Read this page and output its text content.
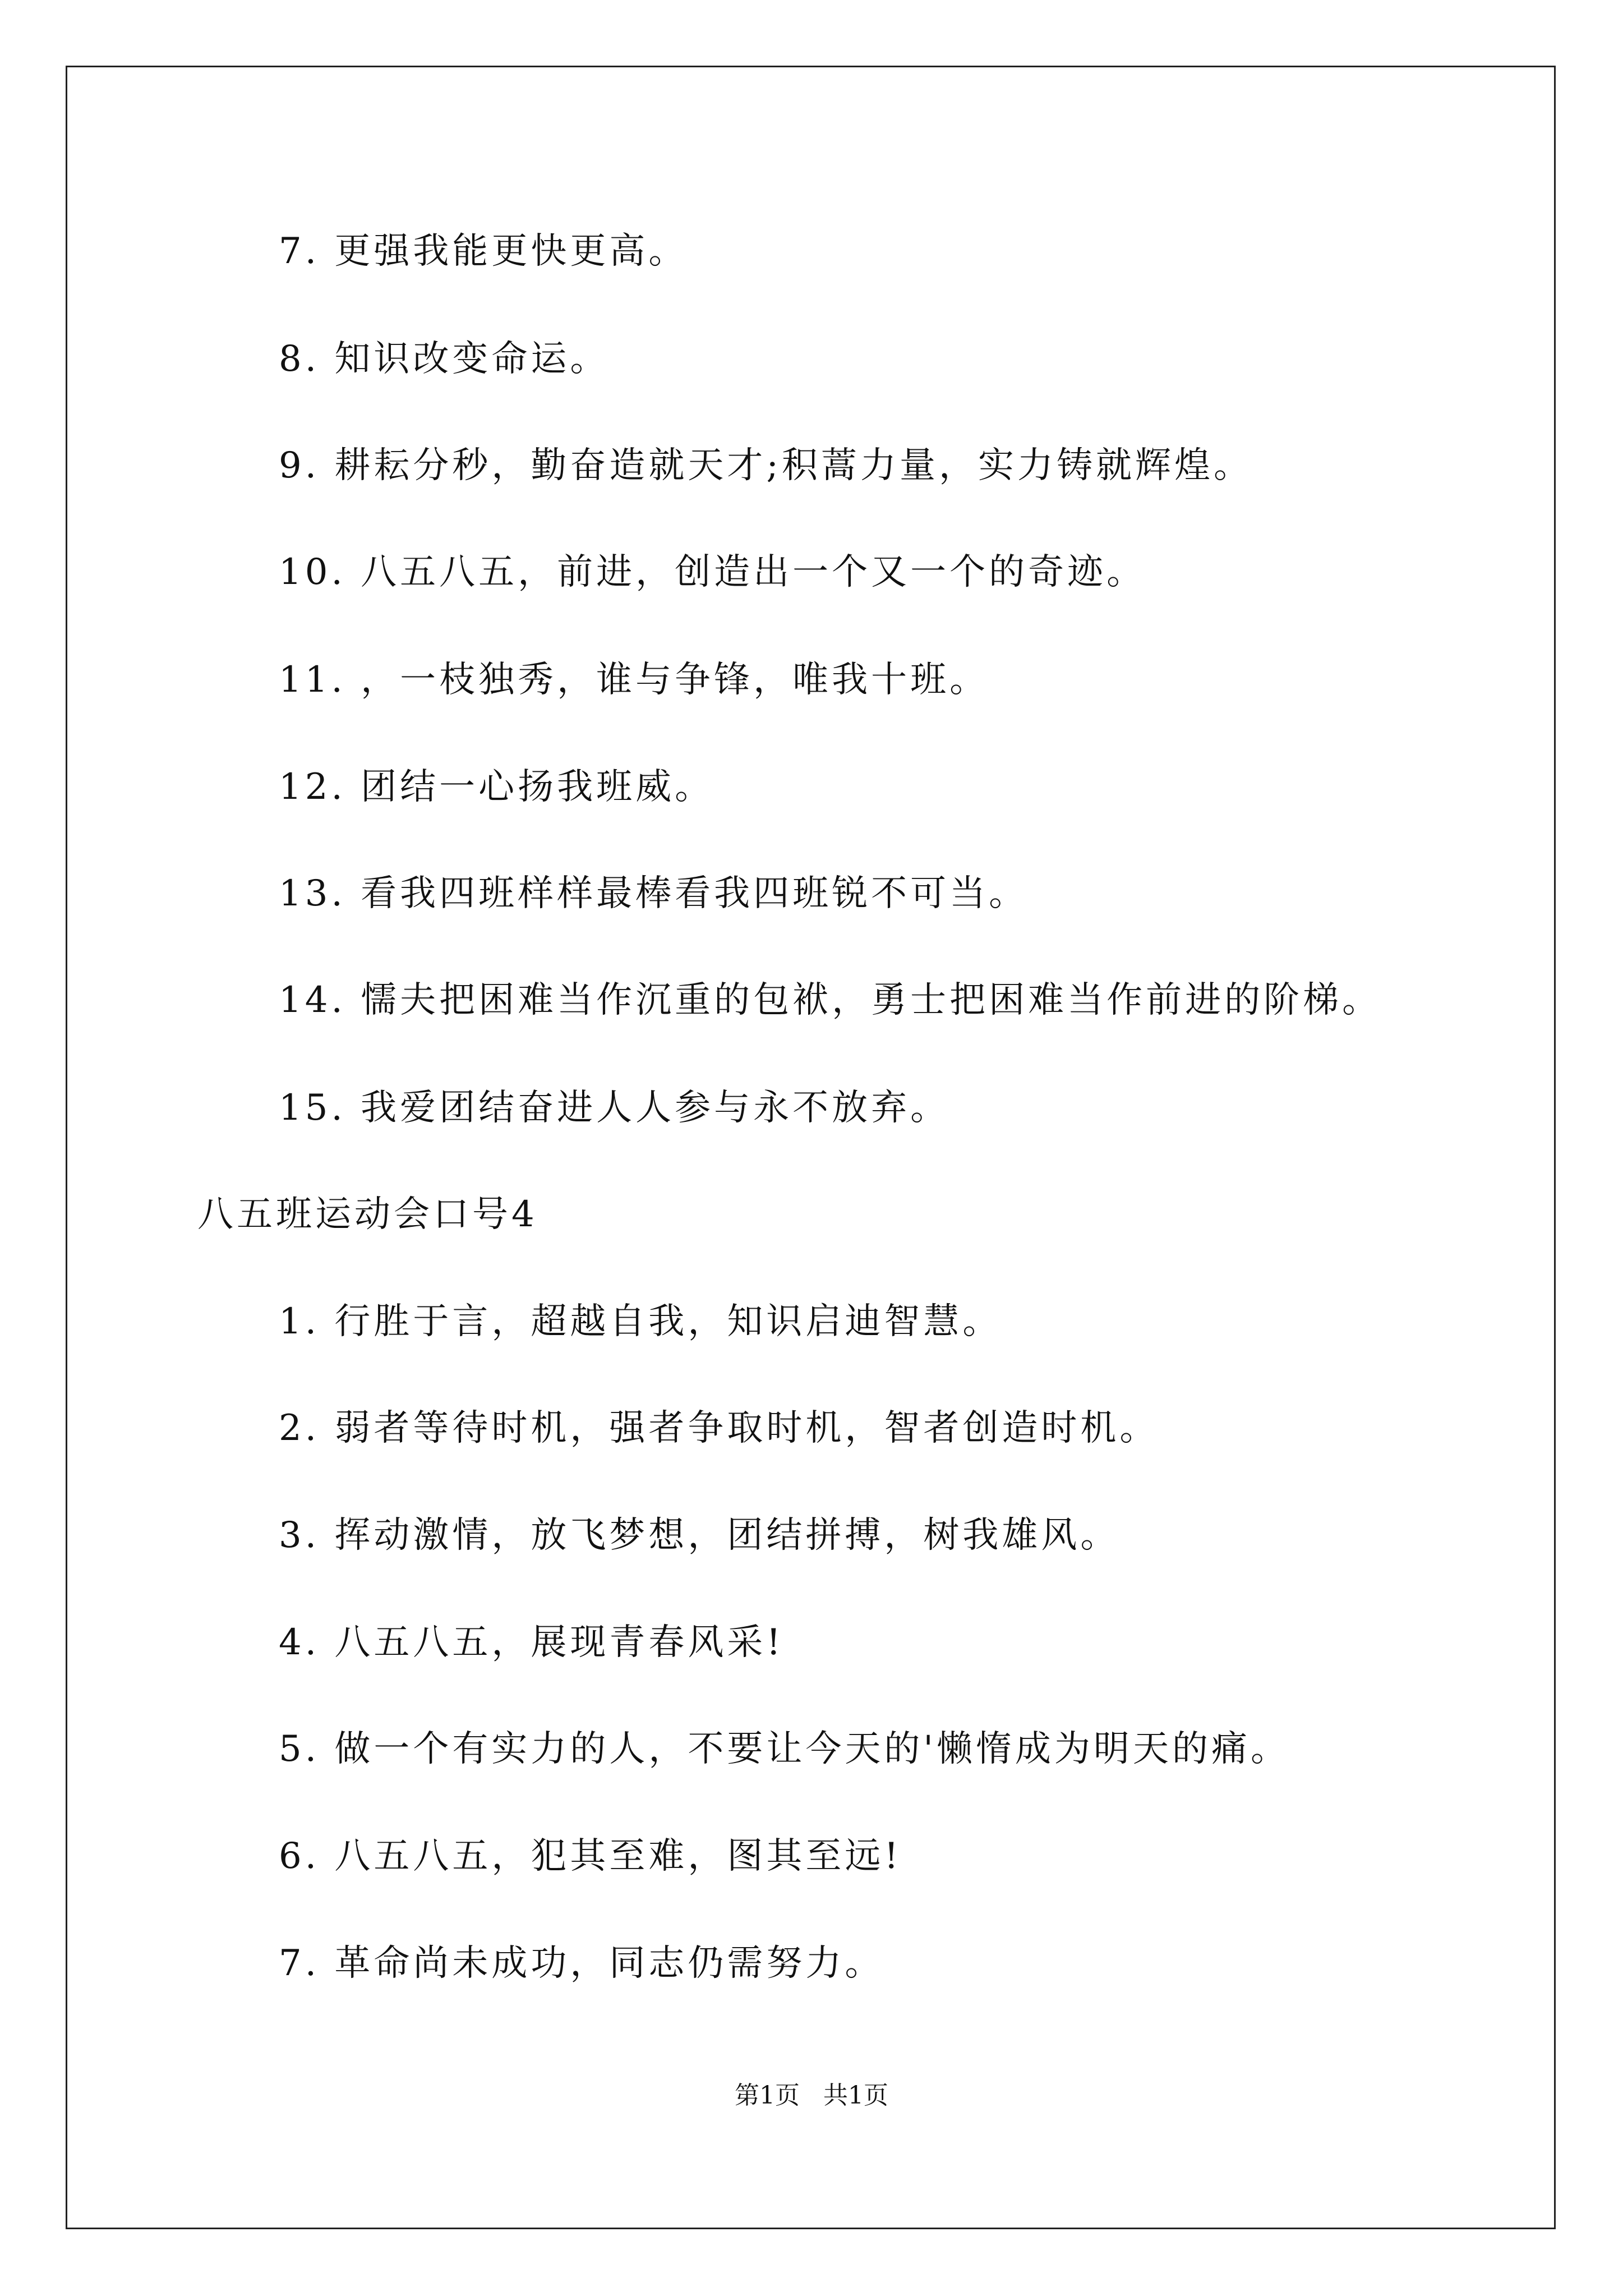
7. 更强我能更快更高。
8. 知识改变命运。
9. 耕耘分秒，勤奋造就天才;积蒿力量，实力铸就辉煌。
10. 八五八五，前进，创造出一个又一个的奇迹。
11. ，一枝独秀，谁与争锋，唯我十班。
12. 团结一心扬我班威。
13. 看我四班样样最棒看我四班锐不可当。
14. 懦夫把困难当作沉重的包袱，勇士把困难当作前进的阶梯。
15. 我爱团结奋进人人参与永不放弃。
八五班运动会口号4
1. 行胜于言，超越自我，知识启迪智慧。
2. 弱者等待时机，强者争取时机，智者创造时机。
3. 挥动激情，放飞梦想，团结拼搏，树我雄风。
4. 八五八五，展现青春风采!
5. 做一个有实力的人，不要让今天的'懒惰成为明天的痛。
6. 八五八五，犯其至难，图其至远!
7. 革命尚未成功，同志仍需努力。
第1页   共1页
